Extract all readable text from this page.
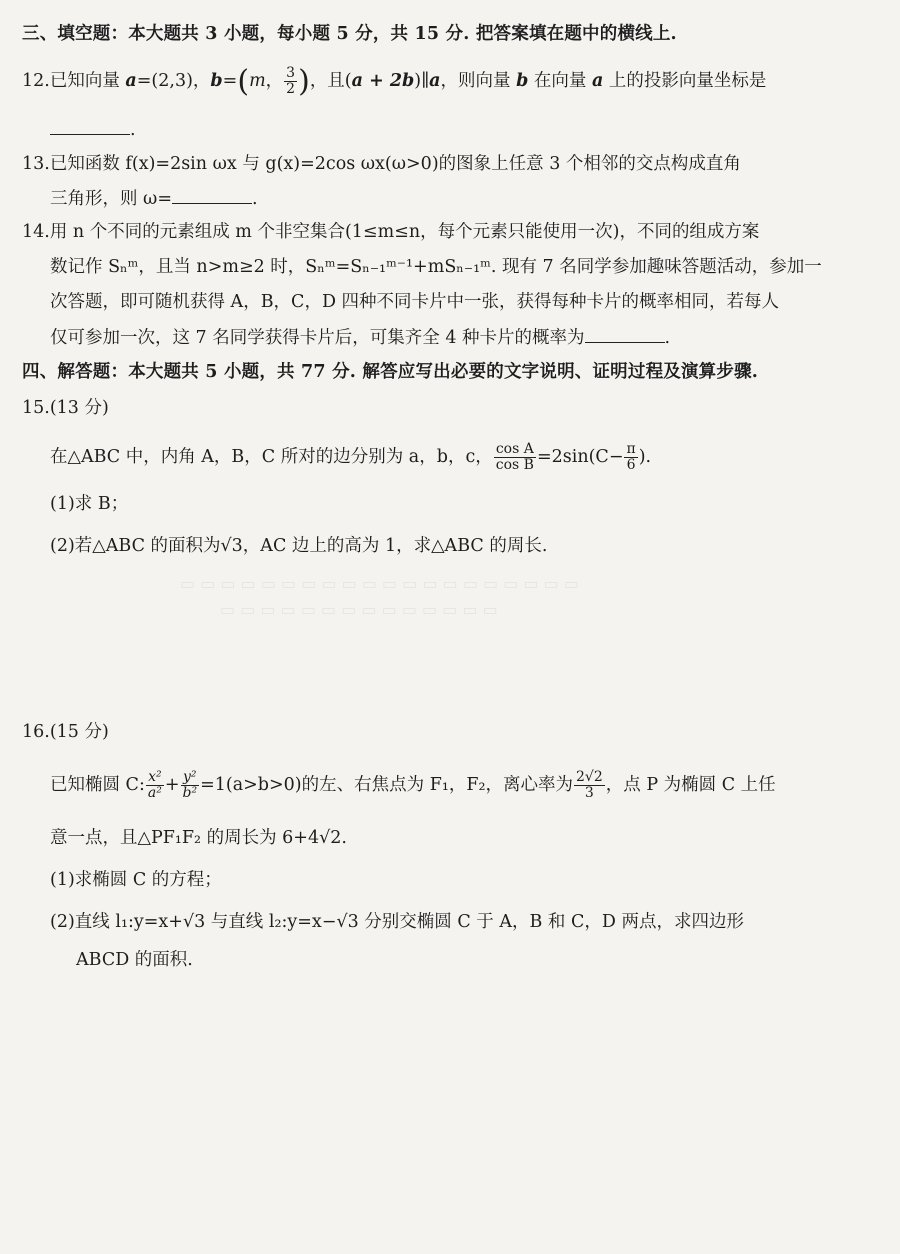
三、填空题：本大题共 3 小题，每小题 5 分，共 15 分. 把答案填在题中的横线上.
12.已知向量 a=(2,3)，b=(m， $\frac{3}{2}$ )，且(a + 2b)∥a，则向量 b 在向量 a 上的投影向量坐标是
.
13.已知函数 f(x)=2sin ωx 与 g(x)=2cos ωx(ω>0)的图象上任意 3 个相邻的交点构成直角
三角形，则 ω=	.
14.用 n 个不同的元素组成 m 个非空集合(1≤m≤n，每个元素只能使用一次)，不同的组成方案
数记作 Sₙᵐ，且当 n>m≥2 时，Sₙᵐ=Sₙ₋₁ᵐ⁻¹+mSₙ₋₁ᵐ. 现有 7 名同学参加趣味答题活动，参加一
次答题，即可随机获得 A，B，C，D 四种不同卡片中一张，获得每种卡片的概率相同，若每人
仅可参加一次，这 7 名同学获得卡片后，可集齐全 4 种卡片的概率为	.
四、解答题：本大题共 5 小题，共 77 分. 解答应写出必要的文字说明、证明过程及演算步骤.
15.(13 分)
在△ABC 中，内角 A，B，C 所对的边分别为 a，b，c， $\frac{\text{cos A}}{\text{cos B}} =2\sin(C- \frac{\pi}{6}$ ).
(1)求 B；
(2)若△ABC 的面积为√3，AC 边上的高为 1，求△ABC 的周长.
▭ ▭ ▭ ▭ ▭ ▭ ▭ ▭ ▭ ▭ ▭ ▭ ▭ ▭ ▭ ▭ ▭ ▭ ▭ ▭
▭ ▭ ▭ ▭ ▭ ▭ ▭ ▭ ▭ ▭ ▭ ▭ ▭ ▭
16.(15 分)
已知椭圆 C: $\frac{\text{x²}}{\text{a²}} + \frac{\text{y²}}{\text{b²}} =1(a>b>0)$的左、右焦点为 F₁，F₂，离心率为 $\frac{2√2}{3}$ ，点 P 为椭圆 C 上任
意一点，且△PF₁F₂ 的周长为 6+4√2.
(1)求椭圆 C 的方程；
(2)直线 l₁:y=x+√3 与直线 l₂:y=x−√3 分别交椭圆 C 于 A，B 和 C，D 两点，求四边形
ABCD 的面积.
